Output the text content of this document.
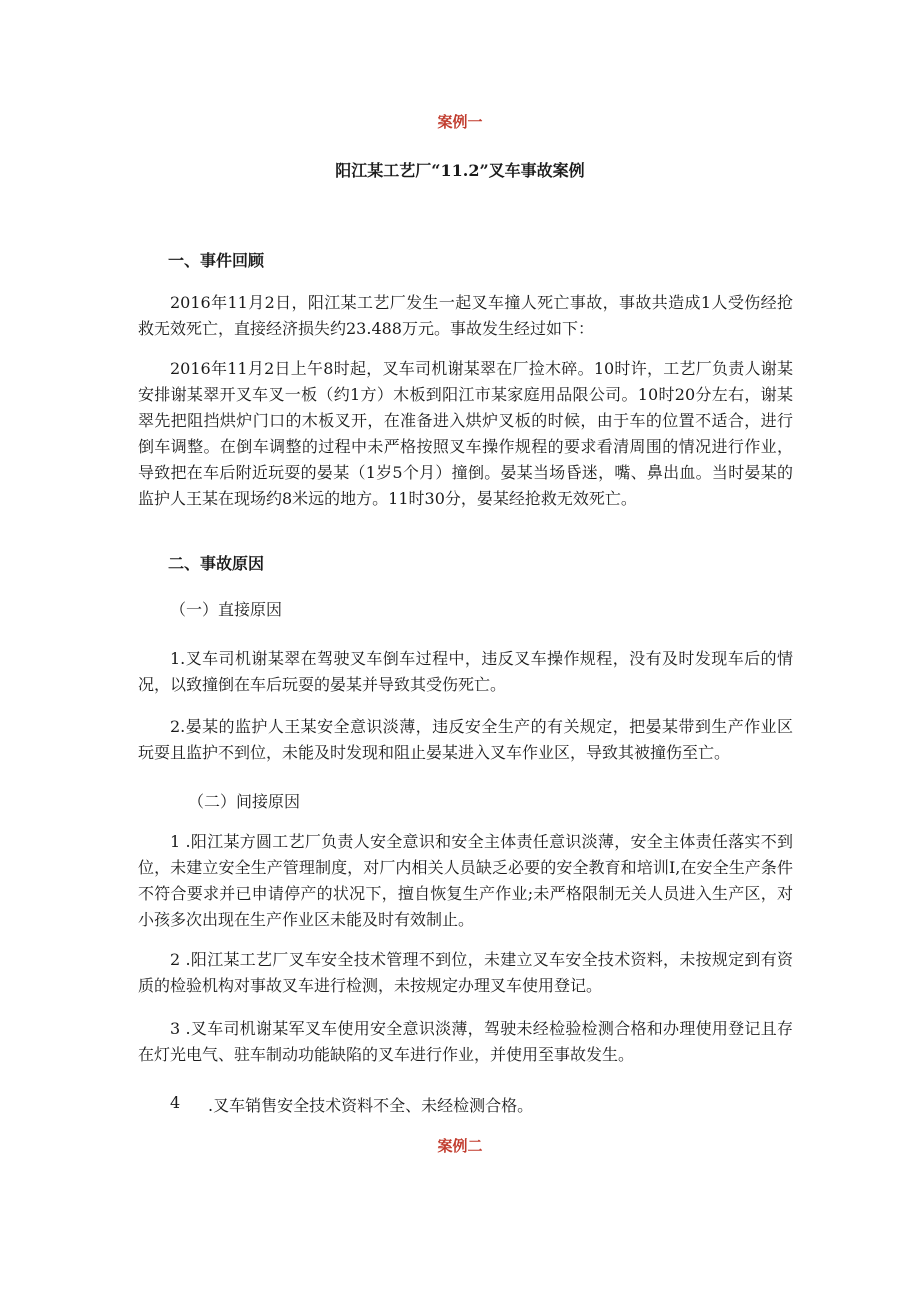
案例一
阳江某工艺厂“11.2”叉车事故案例
一、事件回顾

2016年11月2日，阳江某工艺厂发生一起叉车撞人死亡事故，事故共造成1人受伤经抢救无效死亡，直接经济损失约23.488万元。事故发生经过如下：

2016年11月2日上午8时起，叉车司机谢某翠在厂捡木碎。10时许，工艺厂负责人谢某安排谢某翠开叉车叉一板（约1方）木板到阳江市某家庭用品限公司。10时20分左右，谢某翠先把阻挡烘炉门口的木板叉开，在准备进入烘炉叉板的时候，由于车的位置不适合，进行倒车调整。在倒车调整的过程中未严格按照叉车操作规程的要求看清周围的情况进行作业，导致把在车后附近玩耍的晏某（1岁5个月）撞倒。晏某当场昏迷，嘴、鼻出血。当时晏某的监护人王某在现场约8米远的地方。11时30分，晏某经抢救无效死亡。

二、事故原因
（一）直接原因

1.叉车司机谢某翠在驾驶叉车倒车过程中，违反叉车操作规程，没有及时发现车后的情况，以致撞倒在车后玩耍的晏某并导致其受伤死亡。

2.晏某的监护人王某安全意识淡薄，违反安全生产的有关规定，把晏某带到生产作业区玩耍且监护不到位，未能及时发现和阻止晏某进入叉车作业区，导致其被撞伤至亡。

（二）间接原因

1 .阳江某方圆工艺厂负责人安全意识和安全主体责任意识淡薄，安全主体责任落实不到位，未建立安全生产管理制度，对厂内相关人员缺乏必要的安全教育和培训I,在安全生产条件不符合要求并已申请停产的状况下，擅自恢复生产作业;未严格限制无关人员进入生产区，对小孩多次出现在生产作业区未能及时有效制止。

2 .阳江某工艺厂叉车安全技术管理不到位，未建立叉车安全技术资料，未按规定到有资质的检验机构对事故叉车进行检测，未按规定办理叉车使用登记。

3 .叉车司机谢某军叉车使用安全意识淡薄，驾驶未经检验检测合格和办理使用登记且存在灯光电气、驻车制动功能缺陷的叉车进行作业，并使用至事故发生。

4 .叉车销售安全技术资料不全、未经检测合格。
案例二
